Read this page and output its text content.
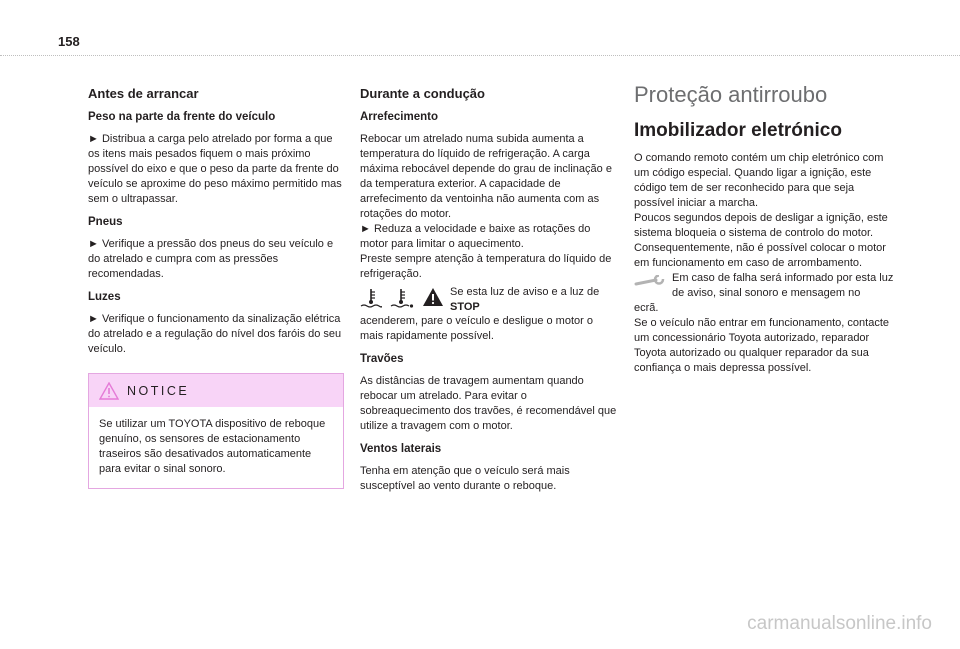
158
Antes de arrancar
Peso na parte da frente do veículo

► Distribua a carga pelo atrelado por forma a que os itens mais pesados fiquem o mais próximo possível do eixo e que o peso da parte da frente do veículo se aproxime do peso máximo permitido mas sem o ultrapassar.

Pneus

► Verifique a pressão dos pneus do seu veículo e do atrelado e cumpra com as pressões recomendadas.

Luzes

► Verifique o funcionamento da sinalização elétrica do atrelado e a regulação do nível dos faróis do seu veículo.

NOTICE

Se utilizar um TOYOTA dispositivo de reboque genuíno, os sensores de estacionamento traseiros são desativados automaticamente para evitar o sinal sonoro.

Durante a condução
Arrefecimento

Rebocar um atrelado numa subida aumenta a temperatura do líquido de refrigeração. A carga máxima rebocável depende do grau de inclinação e da temperatura exterior. A capacidade de arrefecimento da ventoinha não aumenta com as rotações do motor.

► Reduza a velocidade e baixe as rotações do motor para limitar o aquecimento.

Preste sempre atenção à temperatura do líquido de refrigeração.

Se esta luz de aviso e a luz de STOP

acenderem, pare o veículo e desligue o motor o mais rapidamente possível.

Travões

As distâncias de travagem aumentam quando rebocar um atrelado. Para evitar o sobreaquecimento dos travões, é recomendável que utilize a travagem com o motor.

Ventos laterais

Tenha em atenção que o veículo será mais susceptível ao vento durante o reboque.

Proteção antirroubo
Imobilizador eletrónico

O comando remoto contém um chip eletrónico com um código especial. Quando ligar a ignição, este código tem de ser reconhecido para que seja possível iniciar a marcha.

Poucos segundos depois de desligar a ignição, este sistema bloqueia o sistema de controlo do motor. Consequentemente, não é possível colocar o motor em funcionamento em caso de arrombamento.

Em caso de falha será informado por esta luz de aviso, sinal sonoro e mensagem no

ecrã.

Se o veículo não entrar em funcionamento, contacte um concessionário Toyota autorizado, reparador Toyota autorizado ou qualquer reparador da sua confiança o mais depressa possível.

carmanualsonline.info
